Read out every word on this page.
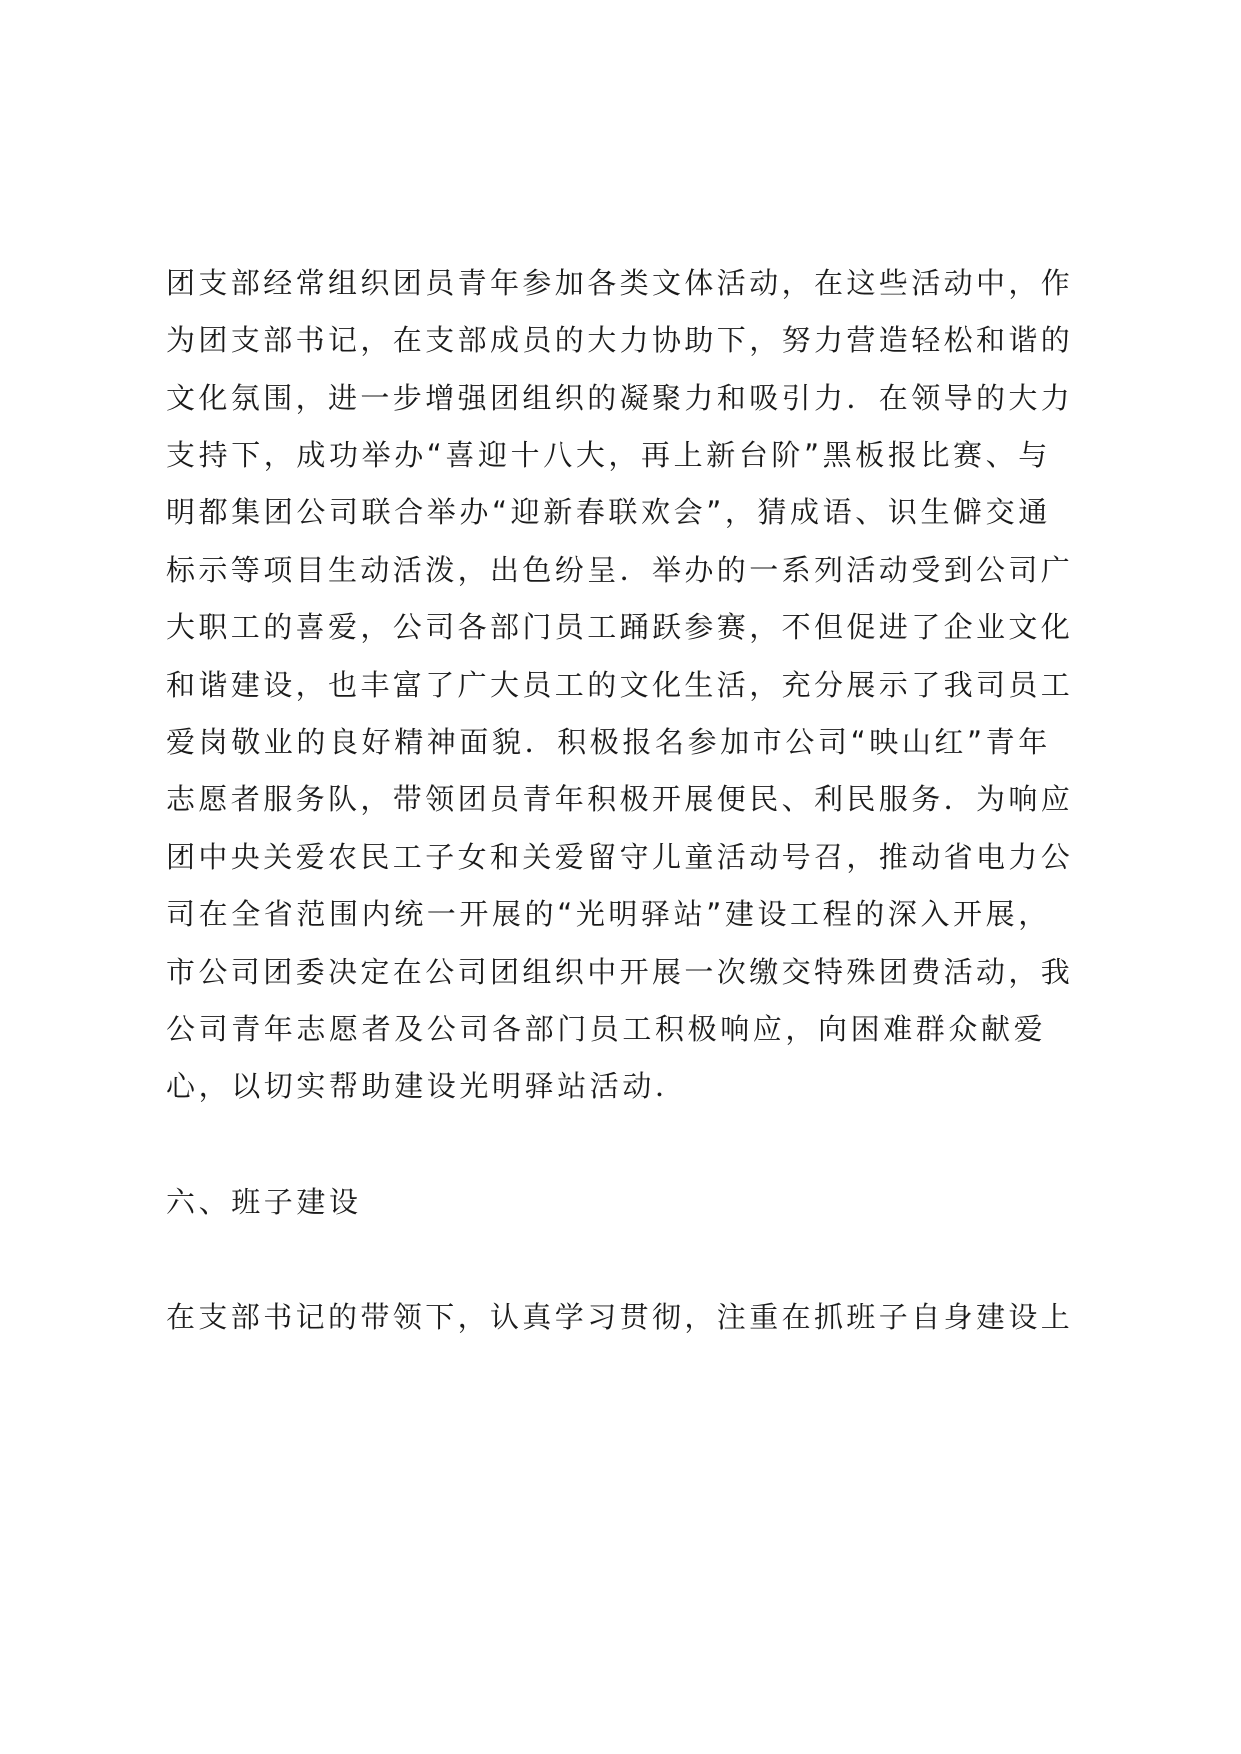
团支部经常组织团员青年参加各类文体活动，在这些活动中，作
为团支部书记，在支部成员的大力协助下，努力营造轻松和谐的
文化氛围，进一步增强团组织的凝聚力和吸引力．在领导的大力
支持下，成功举办“喜迎十八大，再上新台阶”黑板报比赛、与
明都集团公司联合举办“迎新春联欢会”，猜成语、识生僻交通
标示等项目生动活泼，出色纷呈．举办的一系列活动受到公司广
大职工的喜爱，公司各部门员工踊跃参赛，不但促进了企业文化
和谐建设，也丰富了广大员工的文化生活，充分展示了我司员工
爱岗敬业的良好精神面貌．积极报名参加市公司“映山红”青年
志愿者服务队，带领团员青年积极开展便民、利民服务．为响应
团中央关爱农民工子女和关爱留守儿童活动号召，推动省电力公
司在全省范围内统一开展的“光明驿站”建设工程的深入开展，
市公司团委决定在公司团组织中开展一次缴交特殊团费活动，我
公司青年志愿者及公司各部门员工积极响应，向困难群众献爱
心，以切实帮助建设光明驿站活动．
六、班子建设
在支部书记的带领下，认真学习贯彻，注重在抓班子自身建设上
